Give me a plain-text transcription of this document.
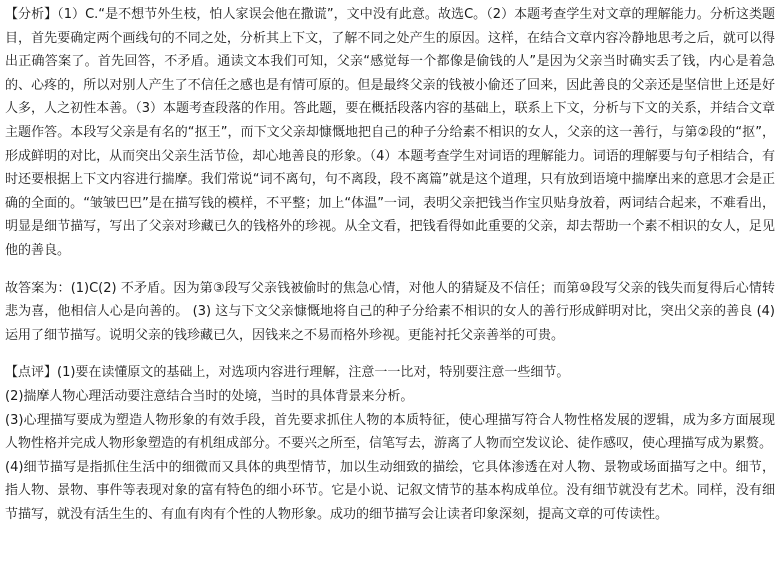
【分析】（1）C.“是不想节外生枝，怕人家误会他在撒谎”，文中没有此意。故选C。（2）本题考查学生对文章的理解能力。分析这类题目，首先要确定两个画线句的不同之处，分析其上下文，了解不同之处产生的原因。这样，在结合文章内容冷静地思考之后，就可以得出正确答案了。首先回答，不矛盾。通读文本我们可知，父亲“感觉每一个都像是偷钱的人”是因为父亲当时确实丢了钱，内心是着急的、心疼的，所以对别人产生了不信任之感也是有情可原的。但是最终父亲的钱被小偷还了回来，因此善良的父亲还是坚信世上还是好人多，人之初性本善。（3）本题考查段落的作用。答此题，要在概括段落内容的基础上，联系上下文，分析与下文的关系，并结合文章主题作答。本段写父亲是有名的“抠王”，而下文父亲却慷慨地把自己的种子分给素不相识的女人，父亲的这一善行，与第②段的“抠”，形成鲜明的对比，从而突出父亲生活节俭，却心地善良的形象。（4）本题考查学生对词语的理解能力。词语的理解要与句子相结合，有时还要根据上下文内容进行揣摩。我们常说“词不离句，句不离段，段不离篇”就是这个道理，只有放到语境中揣摩出来的意思才会是正确的全面的。“皱皱巴巴”是在描写钱的模样，不平整；加上“体温”一词，表明父亲把钱当作宝贝贴身放着，两词结合起来，不难看出，明显是细节描写，写出了父亲对珍藏已久的钱格外的珍视。从全文看，把钱看得如此重要的父亲，却去帮助一个素不相识的女人，足见他的善良。

故答案为：(1)C(2) 不矛盾。因为第③段写父亲钱被偷时的焦急心情，对他人的猜疑及不信任；而第⑩段写父亲的钱失而复得后心情转悲为喜，他相信人心是向善的。 (3) 这与下文父亲慷慨地将自己的种子分给素不相识的女人的善行形成鲜明对比，突出父亲的善良 (4) 运用了细节描写。说明父亲的钱珍藏已久，因钱来之不易而格外珍视。更能衬托父亲善举的可贵。

【点评】(1)要在读懂原文的基础上，对选项内容进行理解，注意一一比对，特别要注意一些细节。

(2)揣摩人物心理活动要注意结合当时的处境，当时的具体背景来分析。

(3)心理描写要成为塑造人物形象的有效手段，首先要求抓住人物的本质特征，使心理描写符合人物性格发展的逻辑，成为多方面展现人物性格并完成人物形象塑造的有机组成部分。不要兴之所至，信笔写去，游离了人物而空发议论、徒作感叹，使心理描写成为累赘。

(4)细节描写是指抓住生活中的细微而又具体的典型情节，加以生动细致的描绘，它具体渗透在对人物、景物或场面描写之中。细节，指人物、景物、事件等表现对象的富有特色的细小环节。它是小说、记叙文情节的基本构成单位。没有细节就没有艺术。同样，没有细节描写，就没有活生生的、有血有肉有个性的人物形象。成功的细节描写会让读者印象深刻，提高文章的可传读性。
